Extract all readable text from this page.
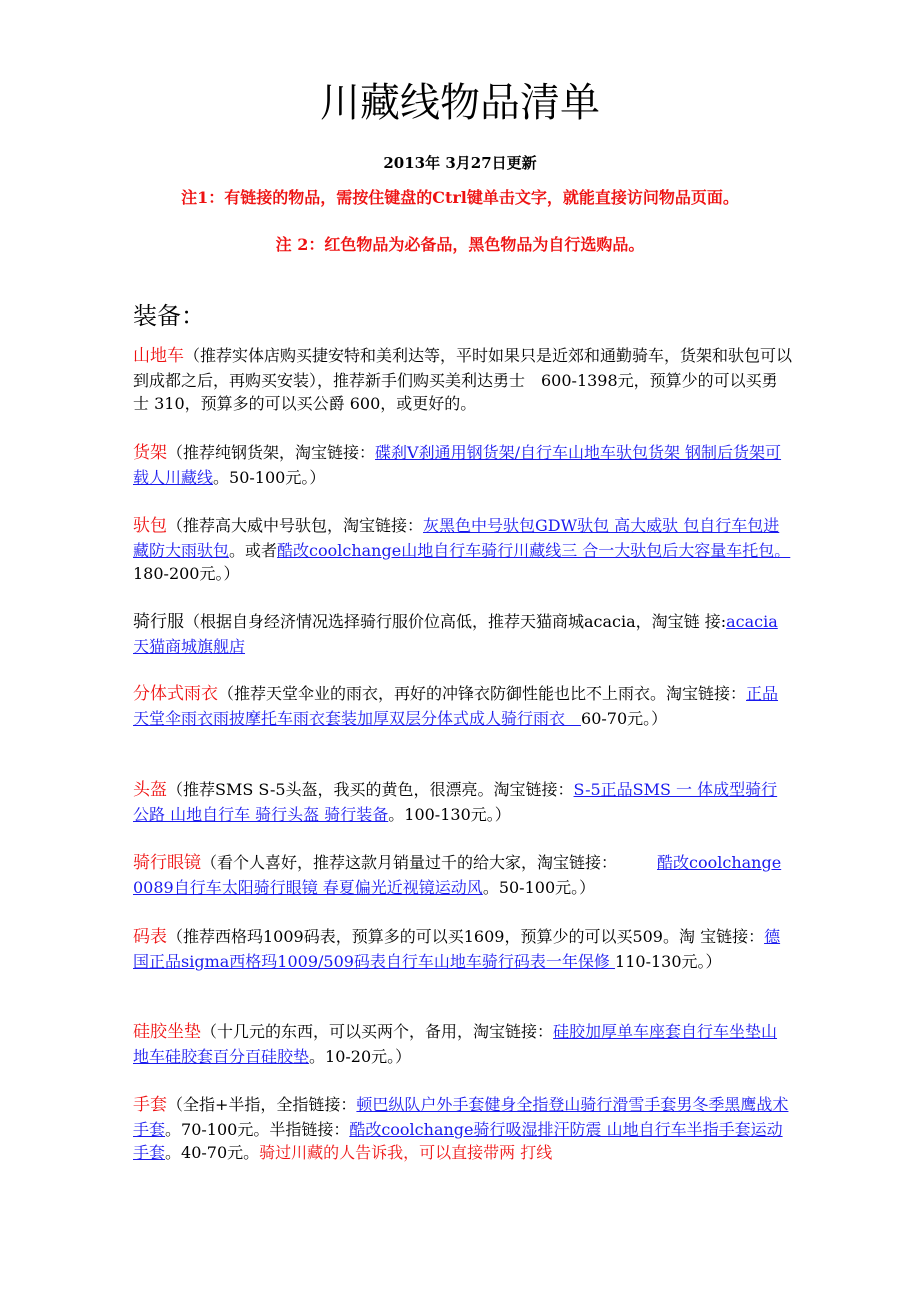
川藏线物品清单
2013年 3月27日更新
注1：有链接的物品，需按住键盘的Ctrl键单击文字，就能直接访问物品页面。
注 2：红色物品为必备品，黑色物品为自行选购品。
装备：
山地车（推荐实体店购买捷安特和美利达等，平时如果只是近郊和通勤骑车，货架和驮包可以到成都之后，再购买安装），推荐新手们购买美利达勇士　600-1398元，预算少的可以买勇士 310，预算多的可以买公爵 600，或更好的。
货架（推荐纯钢货架，淘宝链接：碟刹V刹通用钢货架/自行车山地车驮包货架 钢制后货架可载人川藏线。50-100元。）
驮包（推荐高大威中号驮包，淘宝链接：灰黑色中号驮包GDW驮包 高大威驮 包自行车包进藏防大雨驮包。或者酷改coolchange山地自行车骑行川藏线三 合一大驮包后大容量车托包。180-200元。）
骑行服（根据自身经济情况选择骑行服价位高低，推荐天猫商城acacia，淘宝链 接:acacia天猫商城旗舰店
分体式雨衣（推荐天堂伞业的雨衣，再好的冲锋衣防御性能也比不上雨衣。淘宝链接：正品天堂伞雨衣雨披摩托车雨衣套装加厚双层分体式成人骑行雨衣　60-70元。）
头盔（推荐SMS S-5头盔，我买的黄色，很漂亮。淘宝链接：S-5正品SMS 一 体成型骑行公路 山地自行车 骑行头盔 骑行装备。100-130元。）
骑行眼镜（看个人喜好，推荐这款月销量过千的给大家，淘宝链接：　　　酷改coolchange 0089自行车太阳骑行眼镜 春夏偏光近视镜运动风。50-100元。）
码表（推荐西格玛1009码表，预算多的可以买1609，预算少的可以买509。淘 宝链接：德国正品sigma西格玛1009/509码表自行车山地车骑行码表一年保修 110-130元。）
硅胶坐垫（十几元的东西，可以买两个，备用，淘宝链接：硅胶加厚单车座套自行车坐垫山地车硅胶套百分百硅胶垫。10-20元。）
手套（全指+半指，全指链接：顿巴纵队户外手套健身全指登山骑行滑雪手套男冬季黑鹰战术手套。70-100元。半指链接：酷改coolchange骑行吸湿排汗防震 山地自行车半指手套运动手套。40-70元。骑过川藏的人告诉我，可以直接带两 打线
